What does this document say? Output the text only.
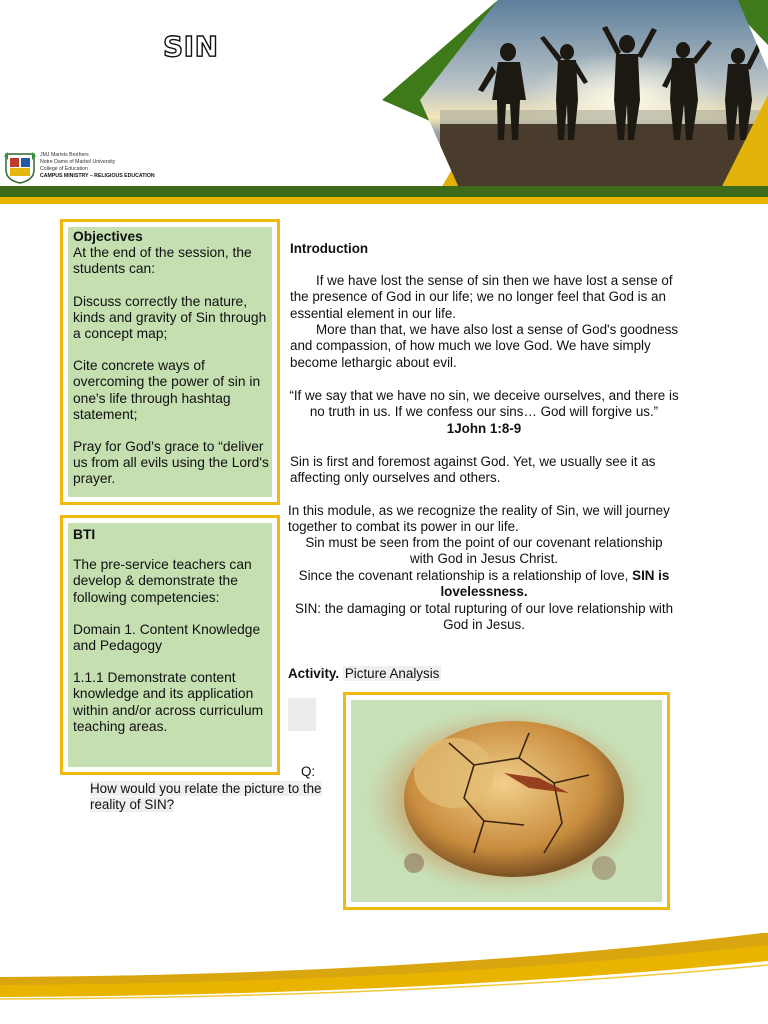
SIN
JMJ Marists Brothers
Notre Dame of Marbel University
College of Education
CAMPUS MINISTRY – RELIGIOUS EDUCATION
Objectives

At the end of the session, the students can:

Discuss correctly the nature, kinds and gravity of Sin through a concept map;

Cite concrete ways of overcoming the power of sin in one's life through hashtag statement;

Pray for God's grace to “deliver us from all evils using the Lord's prayer.

BTI

The pre-service teachers can develop & demonstrate the following competencies:

Domain 1. Content Knowledge and Pedagogy

1.1.1 Demonstrate content knowledge and its application within and/or across curriculum teaching areas.

Introduction
If we have lost the sense of sin then we have lost a sense of the presence of God in our life; we no longer feel that God is an essential element in our life.
More than that, we have also lost a sense of God's goodness and compassion, of how much we love God. We have simply become lethargic about evil.
“If we say that we have no sin, we deceive ourselves, and there is no truth in us. If we confess our sins… God will forgive us.”
1John 1:8-9
Sin is first and foremost against God. Yet, we usually see it as affecting only ourselves and others.
In this module, as we recognize the reality of Sin, we will journey together to combat its power in our life.
Sin must be seen from the point of our covenant relationship with God in Jesus Christ.
Since the covenant relationship is a relationship of love, SIN is lovelessness.
SIN: the damaging or total rupturing of our love relationship with God in Jesus.
Activity. Picture Analysis
Q:
How would you relate the picture to the reality of SIN?
